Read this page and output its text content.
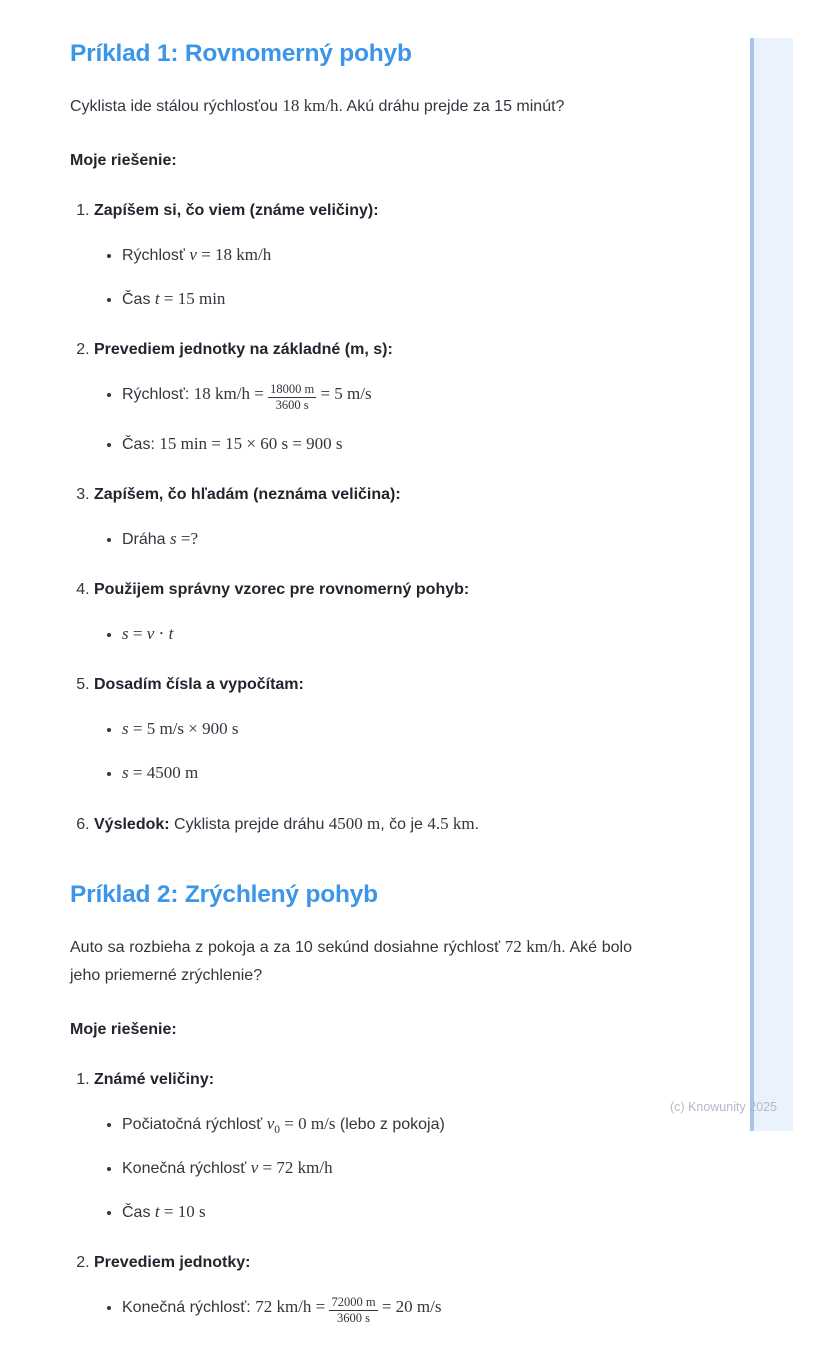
Príklad 1: Rovnomerný pohyb

Cyklista ide stálou rýchlosťou 18 km/h. Akú dráhu prejde za 15 minút?

Moje riešenie:

1. Zapíšem si, čo viem (známe veličiny):
• Rýchlosť v = 18 km/h
• Čas t = 15 min
2. Prevediem jednotky na základné (m, s):
• Rýchlosť: 18 $km/h = \frac{18000 m}{3600 s} = 5$ m/s
• Čas: 15 min = 15 × 60 s = 900 s
3. Zapíšem, čo hľadám (neznáma veličina):
• Dráha s =?
4. Použijem správny vzorec pre rovnomerný pohyb:
• s = v ⋅ t
5. Dosadím čísla a vypočítam:
• s = 5 m/s × 900 s
• s = 4500 m
6. Výsledok: Cyklista prejde dráhu 4500 m, čo je 4.5 km.
Príklad 2: Zrýchlený pohyb

Auto sa rozbieha z pokoja a za 10 sekúnd dosiahne rýchlosť 72 km/h. Aké bolo jeho priemerné zrýchlenie?

Moje riešenie:

1. Známé veličiny:
• Počiatočná rýchlosť $v_0 = 0$ m/s (lebo z pokoja)
• Konečná rýchlosť v = 72 km/h
• Čas t = 10 s
2. Prevediem jednotky:
• Konečná rýchlosť: 72 $km/h = \frac{72000 m}{3600 s} = 20$ m/s
(c) Knowunity 2025
